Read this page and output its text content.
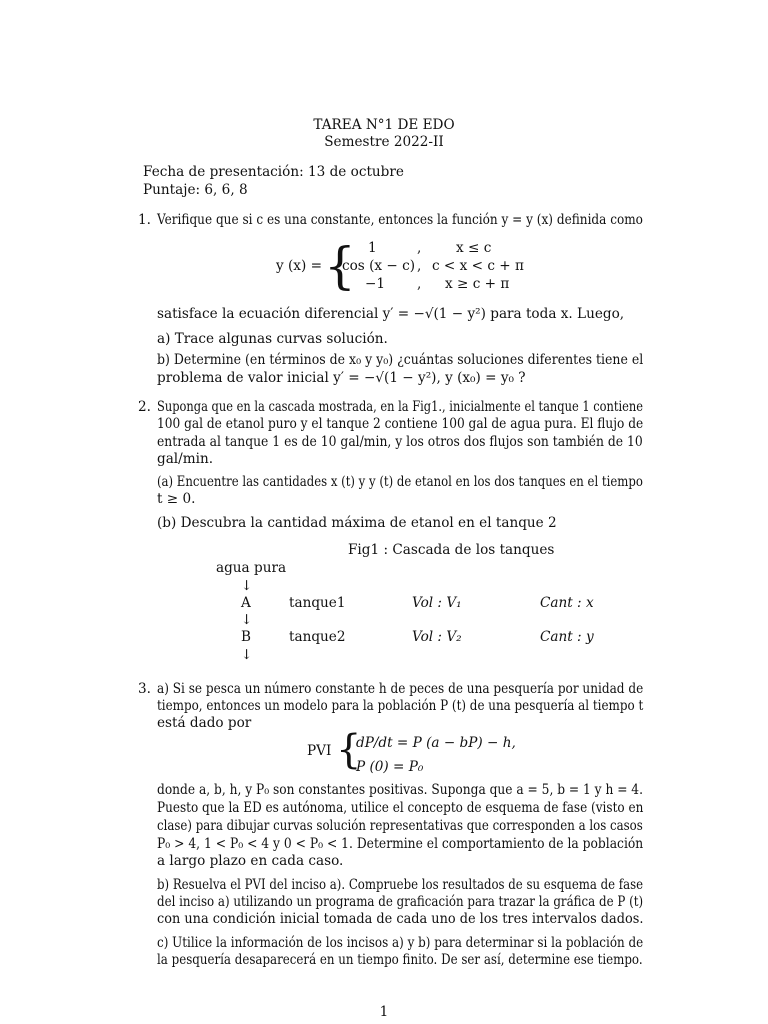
TAREA N°1 DE EDO
Semestre 2022-II
Fecha de presentación: 13 de octubre
Puntaje: 6, 6, 8
1. Verifique que si c es una constante, entonces la función y = y (x) definida como
y (x) = { 1	,	x ≤ c
cos (x − c) , c < x < c + π
−1 , x ≥ c + π
satisface la ecuación diferencial y′ = −√(1 − y²) para toda x. Luego,
a) Trace algunas curvas solución.
b) Determine (en términos de x₀ y y₀) ¿cuántas soluciones diferentes tiene el
problema de valor inicial y′ = −√(1 − y²), y (x₀) = y₀ ?
2. Suponga que en la cascada mostrada, en la Fig1., inicialmente el tanque 1 contiene
100 gal de etanol puro y el tanque 2 contiene 100 gal de agua pura. El flujo de
entrada al tanque 1 es de 10 gal/min, y los otros dos flujos son también de 10
gal/min.
(a) Encuentre las cantidades x (t) y y (t) de etanol en los dos tanques en el tiempo
t ≥ 0.
(b) Descubra la cantidad máxima de etanol en el tanque 2
Fig1 : Cascada de los tanques
agua pura
↓
A	tanque1	Vol : V₁	Cant : x
↓
B	tanque2	Vol : V₂	Cant : y
↓
3. a) Si se pesca un número constante h de peces de una pesquería por unidad de
tiempo, entonces un modelo para la población P (t) de una pesquería al tiempo t
está dado por
PVI {
dP/dt = P (a − bP) − h,
P (0) = P₀
donde a, b, h, y P₀ son constantes positivas. Suponga que a = 5, b = 1 y h = 4.
Puesto que la ED es autónoma, utilice el concepto de esquema de fase (visto en
clase) para dibujar curvas solución representativas que corresponden a los casos
P₀ > 4, 1 < P₀ < 4 y 0 < P₀ < 1. Determine el comportamiento de la población
a largo plazo en cada caso.
b) Resuelva el PVI del inciso a). Compruebe los resultados de su esquema de fase
del inciso a) utilizando un programa de graficación para trazar la gráfica de P (t)
con una condición inicial tomada de cada uno de los tres intervalos dados.
c) Utilice la información de los incisos a) y b) para determinar si la población de
la pesquería desaparecerá en un tiempo finito. De ser así, determine ese tiempo.
1
